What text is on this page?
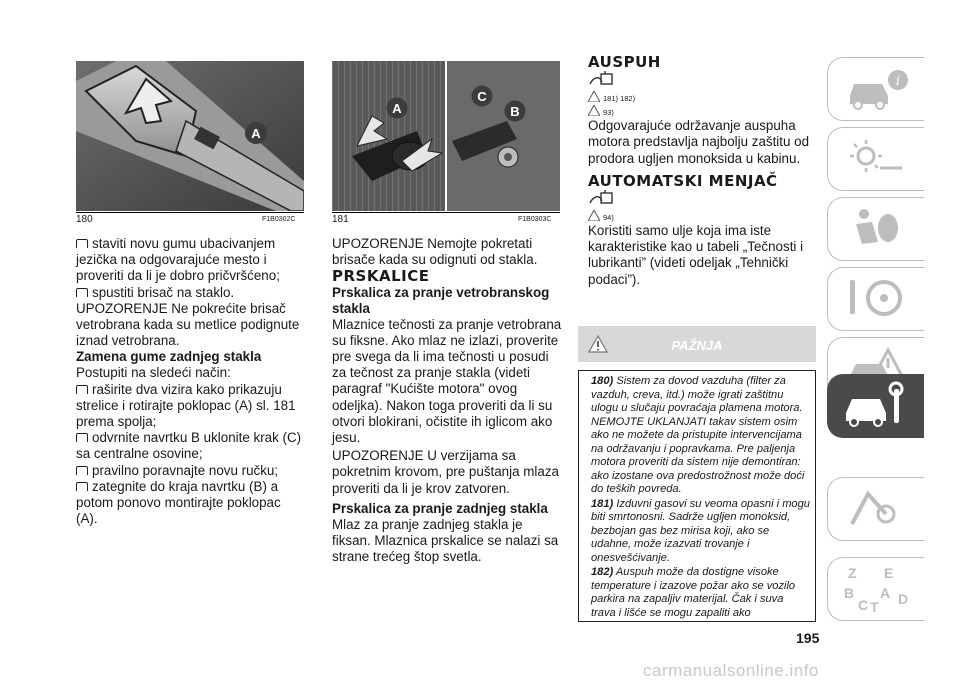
A
180	F1B0302C
A
C
B
181	F1B0303C

staviti novu gumu ubacivanjem jezička na odgovarajuće mesto i proveriti da li je dobro pričvršćeno;

spustiti brisač na staklo.

UPOZORENJE Ne pokrećite brisač vetrobrana kada su metlice podignute iznad vetrobrana.

Zamena gume zadnjeg stakla

Postupiti na sledeći način:

raširite dva vizira kako prikazuju strelice i rotirajte poklopac (A) sl. 181 prema spolja;

odvrnite navrtku B uklonite krak (C) sa centralne osovine;

pravilno poravnajte novu ručku;

zategnite do kraja navrtku (B) a potom ponovo montirajte poklopac (A).

UPOZORENJE Nemojte pokretati brisače kada su odignuti od stakla.

PRSKALICE

Prskalica za pranje vetrobranskog stakla

Mlaznice tečnosti za pranje vetrobrana su fiksne. Ako mlaz ne izlazi, proverite pre svega da li ima tečnosti u posudi za tečnost za pranje stakla (videti paragraf "Kućište motora" ovog odeljka). Nakon toga proveriti da li su otvori blokirani, očistite ih iglicom ako jesu.

UPOZORENJE U verzijama sa pokretnim krovom, pre puštanja mlaza proveriti da li je krov zatvoren.

Prskalica za pranje zadnjeg stakla

Mlaz za pranje zadnjeg stakla je fiksan. Mlaznica prskalice se nalazi sa strane trećeg štop svetla.

AUSPUH

181) 182)
93)

Odgovarajuće održavanje auspuha motora predstavlja najbolju zaštitu od prodora ugljen monoksida u kabinu.

AUTOMATSKI MENJAČ

94)

Koristiti samo ulje koja ima iste karakteristike kao u tabeli „Tečnosti i lubrikanti” (videti odeljak „Tehnički podaci”).

PAŽNJA

180) Sistem za dovod vazduha (filter za vazduh, creva, itd.) može igrati zaštitnu ulogu u slučaju povraćaja plamena motora. NEMOJTE UKLANJATI takav sistem osim ako ne možete da pristupite intervencijama na održavanju i popravkama. Pre paljenja motora proveriti da sistem nije demontiran: ako izostane ova predostrožnost može doći do teških povreda.

181) Izduvni gasovi su veoma opasni i mogu biti smrtonosni. Sadrže ugljen monoksid, bezbojan gas bez mirisa koji, ako se udahne, može izazvati trovanje i onesvešćivanje.

182) Auspuh može da dostigne visoke temperature i izazove požar ako se vozilo parkira na zapaljiv materijal. Čak i suva trava i lišće se mogu zapaliti ako

195
carmanualsonline.info
i
Z E
B A
C T D
